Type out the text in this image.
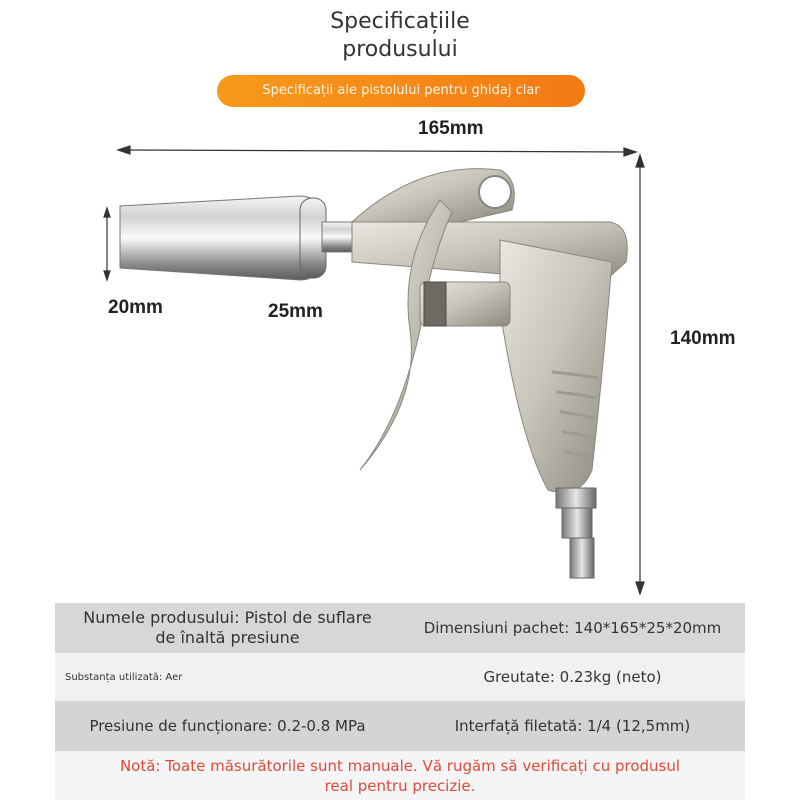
Specificațiile
produsului
Specificații ale pistolului pentru ghidaj clar
165mm
140mm
20mm	25mm
Numele produsului: Pistol de suflare de înaltă presiune	Dimensiuni pachet: 140*165*25*20mm
Substanța utilizată: Aer	Greutate: 0.23kg (neto)
Presiune de funcționare: 0.2-0.8 MPa	Interfață filetată: 1/4 (12,5mm)
Notă: Toate măsurătorile sunt manuale. Vă rugăm să verificați cu produsul real pentru precizie.
